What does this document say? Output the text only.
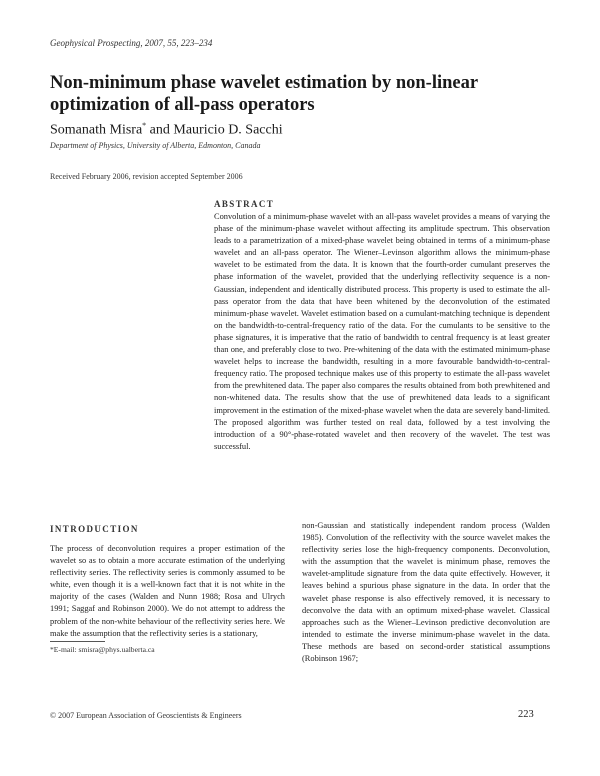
Geophysical Prospecting, 2007, 55, 223–234
Non-minimum phase wavelet estimation by non-linear optimization of all-pass operators
Somanath Misra* and Mauricio D. Sacchi
Department of Physics, University of Alberta, Edmonton, Canada
Received February 2006, revision accepted September 2006
ABSTRACT
Convolution of a minimum-phase wavelet with an all-pass wavelet provides a means of varying the phase of the minimum-phase wavelet without affecting its amplitude spectrum. This observation leads to a parametrization of a mixed-phase wavelet being obtained in terms of a minimum-phase wavelet and an all-pass operator. The Wiener–Levinson algorithm allows the minimum-phase wavelet to be estimated from the data. It is known that the fourth-order cumulant preserves the phase information of the wavelet, provided that the underlying reflectivity sequence is a non-Gaussian, independent and identically distributed process. This property is used to estimate the all-pass operator from the data that have been whitened by the deconvolution of the estimated minimum-phase wavelet. Wavelet estimation based on a cumulant-matching technique is dependent on the bandwidth-to-central-frequency ratio of the data. For the cumulants to be sensitive to the phase signatures, it is imperative that the ratio of bandwidth to central frequency is at least greater than one, and preferably close to two. Pre-whitening of the data with the estimated minimum-phase wavelet helps to increase the bandwidth, resulting in a more favourable bandwidth-to-central-frequency ratio. The proposed technique makes use of this property to estimate the all-pass wavelet from the prewhitened data. The paper also compares the results obtained from both prewhitened and non-whitened data. The results show that the use of prewhitened data leads to a significant improvement in the estimation of the mixed-phase wavelet when the data are severely band-limited. The proposed algorithm was further tested on real data, followed by a test involving the introduction of a 90°-phase-rotated wavelet and then recovery of the wavelet. The test was successful.
INTRODUCTION
The process of deconvolution requires a proper estimation of the wavelet so as to obtain a more accurate estimation of the underlying reflectivity series. The reflectivity series is commonly assumed to be white, even though it is a well-known fact that it is not white in the majority of the cases (Walden and Nunn 1988; Rosa and Ulrych 1991; Saggaf and Robinson 2000). We do not attempt to address the problem of the non-white behaviour of the reflectivity series here. We make the assumption that the reflectivity series is a stationary,
non-Gaussian and statistically independent random process (Walden 1985). Convolution of the reflectivity with the source wavelet makes the reflectivity series lose the high-frequency components. Deconvolution, with the assumption that the wavelet is minimum phase, removes the wavelet-amplitude signature from the data quite effectively. However, it leaves behind a spurious phase signature in the data. In order that the wavelet phase response is also effectively removed, it is necessary to deconvolve the data with an optimum mixed-phase wavelet. Classical approaches such as the Wiener–Levinson predictive deconvolution are intended to estimate the inverse minimum-phase wavelet in the data. These methods are based on second-order statistical assumptions (Robinson 1967;
*E-mail: smisra@phys.ualberta.ca
© 2007 European Association of Geoscientists & Engineers	223
